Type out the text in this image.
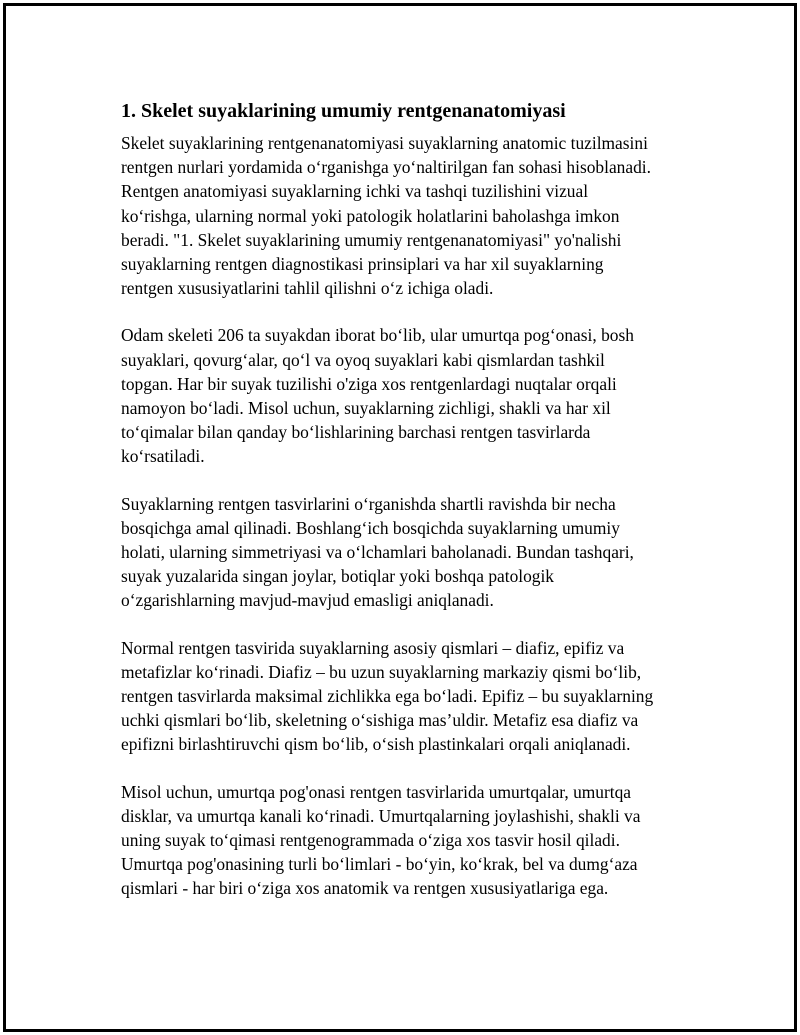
1. Skelet suyaklarining umumiy rentgenanatomiyasi

Skelet suyaklarining rentgenanatomiyasi suyaklarning anatomic tuzilmasini
rentgen nurlari yordamida o‘rganishga yo‘naltirilgan fan sohasi hisoblanadi.
Rentgen anatomiyasi suyaklarning ichki va tashqi tuzilishini vizual
ko‘rishga, ularning normal yoki patologik holatlarini baholashga imkon
beradi. "1. Skelet suyaklarining umumiy rentgenanatomiyasi" yo'nalishi
suyaklarning rentgen diagnostikasi prinsiplari va har xil suyaklarning
rentgen xususiyatlarini tahlil qilishni o‘z ichiga oladi.

Odam skeleti 206 ta suyakdan iborat bo‘lib, ular umurtqa pog‘onasi, bosh
suyaklari, qovurg‘alar, qo‘l va oyoq suyaklari kabi qismlardan tashkil
topgan. Har bir suyak tuzilishi o'ziga xos rentgenlardagi nuqtalar orqali
namoyon bo‘ladi. Misol uchun, suyaklarning zichligi, shakli va har xil
to‘qimalar bilan qanday bo‘lishlarining barchasi rentgen tasvirlarda
ko‘rsatiladi.

Suyaklarning rentgen tasvirlarini o‘rganishda shartli ravishda bir necha
bosqichga amal qilinadi. Boshlang‘ich bosqichda suyaklarning umumiy
holati, ularning simmetriyasi va o‘lchamlari baholanadi. Bundan tashqari,
suyak yuzalarida singan joylar, botiqlar yoki boshqa patologik
o‘zgarishlarning mavjud-mavjud emasligi aniqlanadi.

Normal rentgen tasvirida suyaklarning asosiy qismlari – diafiz, epifiz va
metafizlar ko‘rinadi. Diafiz – bu uzun suyaklarning markaziy qismi bo‘lib,
rentgen tasvirlarda maksimal zichlikka ega bo‘ladi. Epifiz – bu suyaklarning
uchki qismlari bo‘lib, skeletning o‘sishiga mas’uldir. Metafiz esa diafiz va
epifizni birlashtiruvchi qism bo‘lib, o‘sish plastinkalari orqali aniqlanadi.

Misol uchun, umurtqa pog'onasi rentgen tasvirlarida umurtqalar, umurtqa
disklar, va umurtqa kanali ko‘rinadi. Umurtqalarning joylashishi, shakli va
uning suyak to‘qimasi rentgenogrammada o‘ziga xos tasvir hosil qiladi.
Umurtqa pog'onasining turli bo‘limlari - bo‘yin, ko‘krak, bel va dumg‘aza
qismlari - har biri o‘ziga xos anatomik va rentgen xususiyatlariga ega.
